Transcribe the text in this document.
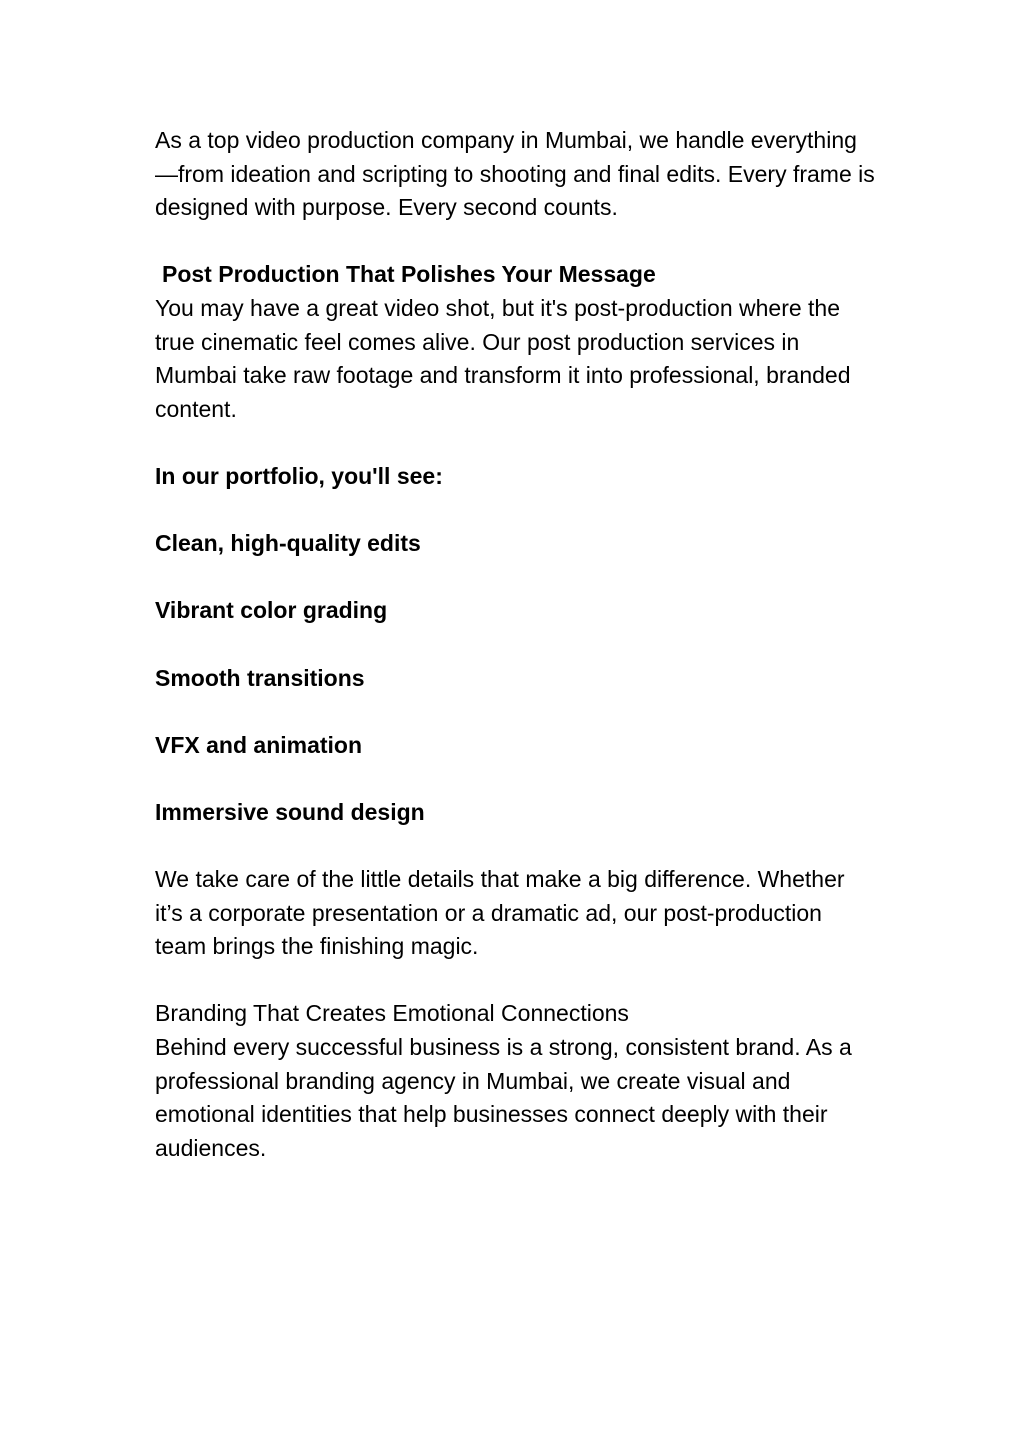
As a top video production company in Mumbai, we handle everything—from ideation and scripting to shooting and final edits. Every frame is designed with purpose. Every second counts.

Post Production That Polishes Your Message

You may have a great video shot, but it's post-production where the true cinematic feel comes alive. Our post production services in Mumbai take raw footage and transform it into professional, branded content.

In our portfolio, you'll see:

Clean, high-quality edits

Vibrant color grading

Smooth transitions

VFX and animation

Immersive sound design

We take care of the little details that make a big difference. Whether it’s a corporate presentation or a dramatic ad, our post-production team brings the finishing magic.

Branding That Creates Emotional Connections

Behind every successful business is a strong, consistent brand. As a professional branding agency in Mumbai, we create visual and emotional identities that help businesses connect deeply with their audiences.
